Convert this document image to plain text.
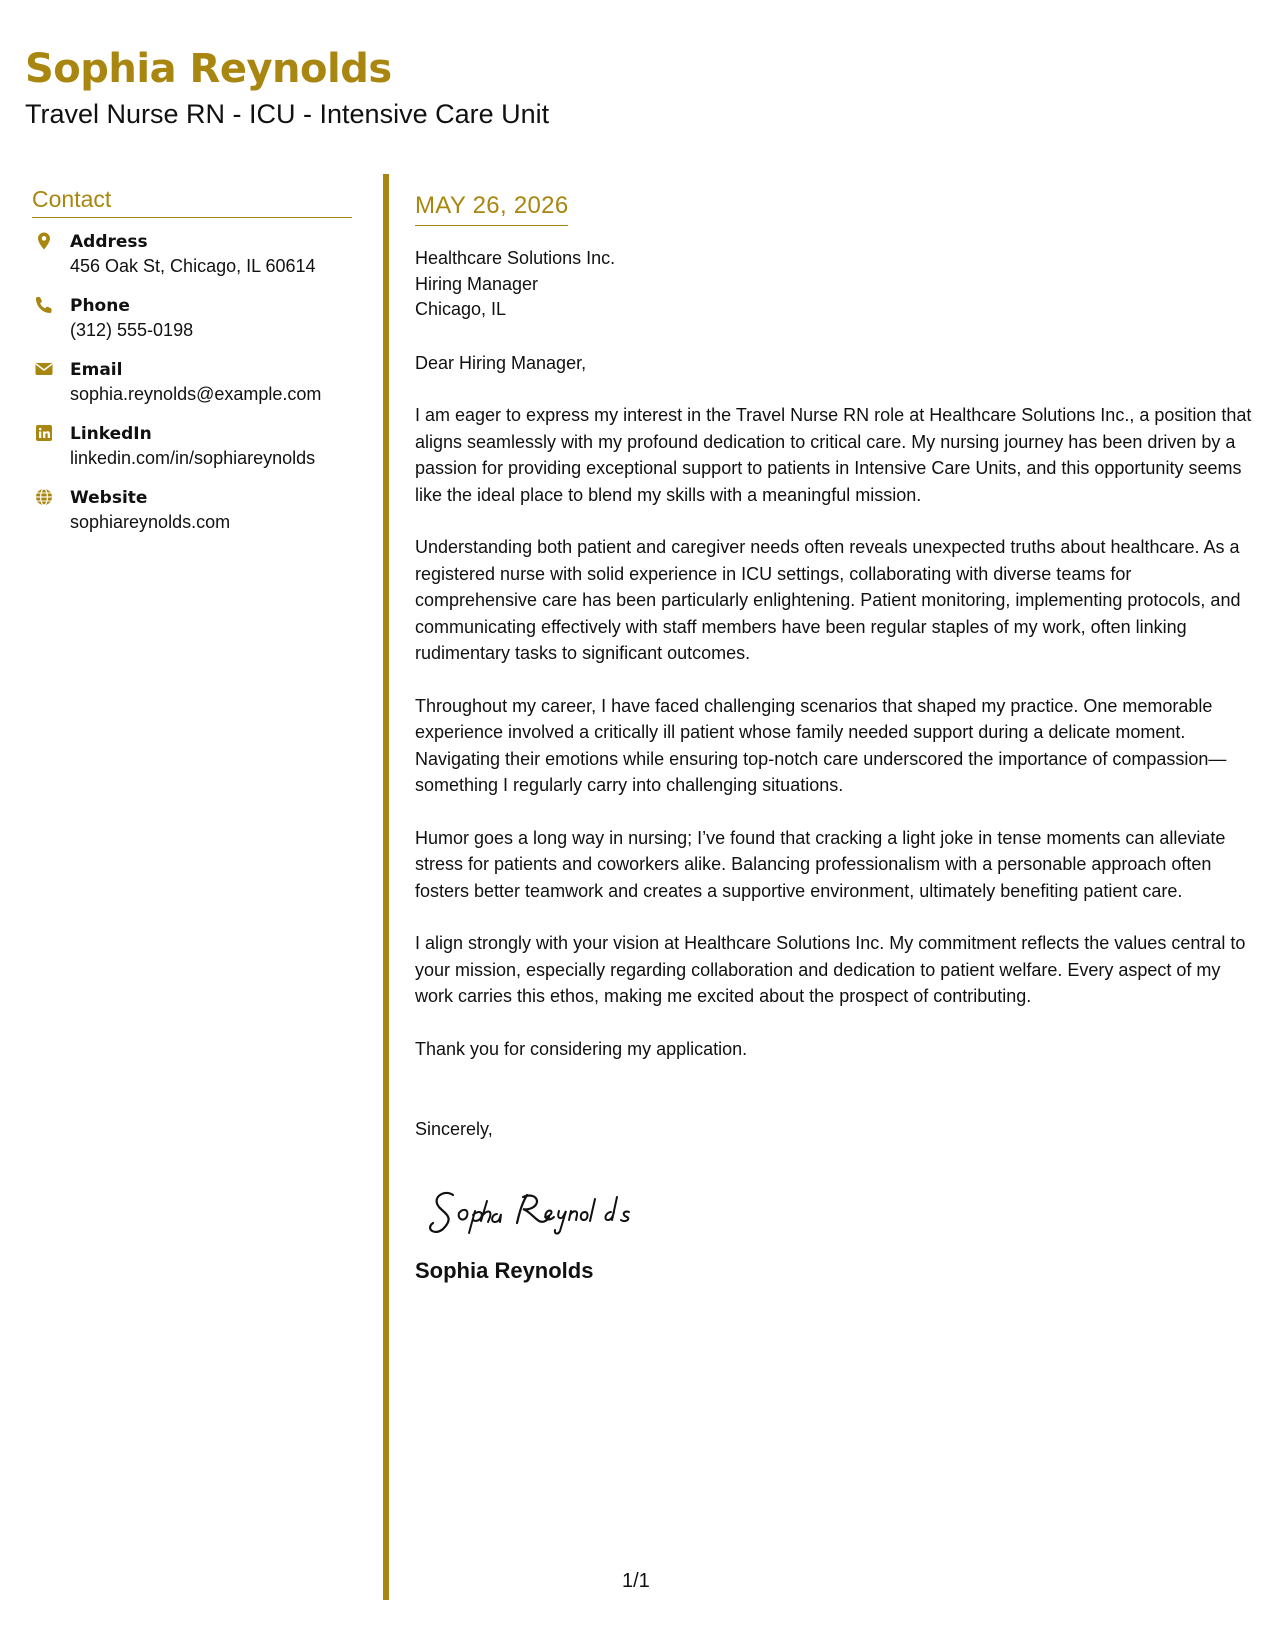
Sophia Reynolds
Travel Nurse RN - ICU - Intensive Care Unit
Contact
Address
456 Oak St, Chicago, IL 60614
Phone
(312) 555-0198
Email
sophia.reynolds@example.com
LinkedIn
linkedin.com/in/sophiareynolds
Website
sophiareynolds.com
MAY 26, 2026
Healthcare Solutions Inc.
Hiring Manager
Chicago, IL

Dear Hiring Manager,

I am eager to express my interest in the Travel Nurse RN role at Healthcare Solutions Inc., a position that aligns seamlessly with my profound dedication to critical care. My nursing journey has been driven by a passion for providing exceptional support to patients in Intensive Care Units, and this opportunity seems like the ideal place to blend my skills with a meaningful mission.

Understanding both patient and caregiver needs often reveals unexpected truths about healthcare. As a registered nurse with solid experience in ICU settings, collaborating with diverse teams for comprehensive care has been particularly enlightening. Patient monitoring, implementing protocols, and communicating effectively with staff members have been regular staples of my work, often linking rudimentary tasks to significant outcomes.

Throughout my career, I have faced challenging scenarios that shaped my practice. One memorable experience involved a critically ill patient whose family needed support during a delicate moment. Navigating their emotions while ensuring top-notch care underscored the importance of compassion—something I regularly carry into challenging situations.

Humor goes a long way in nursing; I’ve found that cracking a light joke in tense moments can alleviate stress for patients and coworkers alike. Balancing professionalism with a personable approach often fosters better teamwork and creates a supportive environment, ultimately benefiting patient care.

I align strongly with your vision at Healthcare Solutions Inc. My commitment reflects the values central to your mission, especially regarding collaboration and dedication to patient welfare. Every aspect of my work carries this ethos, making me excited about the prospect of contributing.

Thank you for considering my application.

Sincerely,

Sophia Reynolds
1/1
